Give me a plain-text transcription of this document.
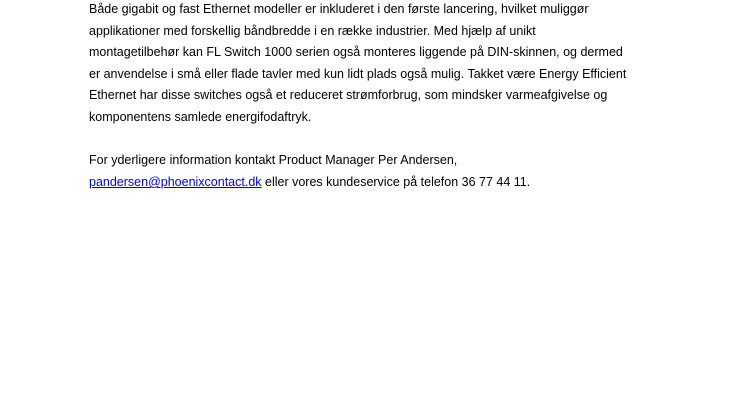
Både gigabit og fast Ethernet modeller er inkluderet i den første lancering, hvilket muliggør
applikationer med forskellig båndbredde i en række industrier. Med hjælp af unikt
montagetilbehør kan FL Switch 1000 serien også monteres liggende på DIN-skinnen, og dermed
er anvendelse i små eller flade tavler med kun lidt plads også mulig. Takket være Energy Efficient
Ethernet har disse switches også et reduceret strømforbrug, som mindsker varmeafgivelse og
komponentens samlede energifodaftryk.
For yderligere information kontakt Product Manager Per Andersen,
pandersen@phoenixcontact.dk eller vores kundeservice på telefon 36 77 44 11.
